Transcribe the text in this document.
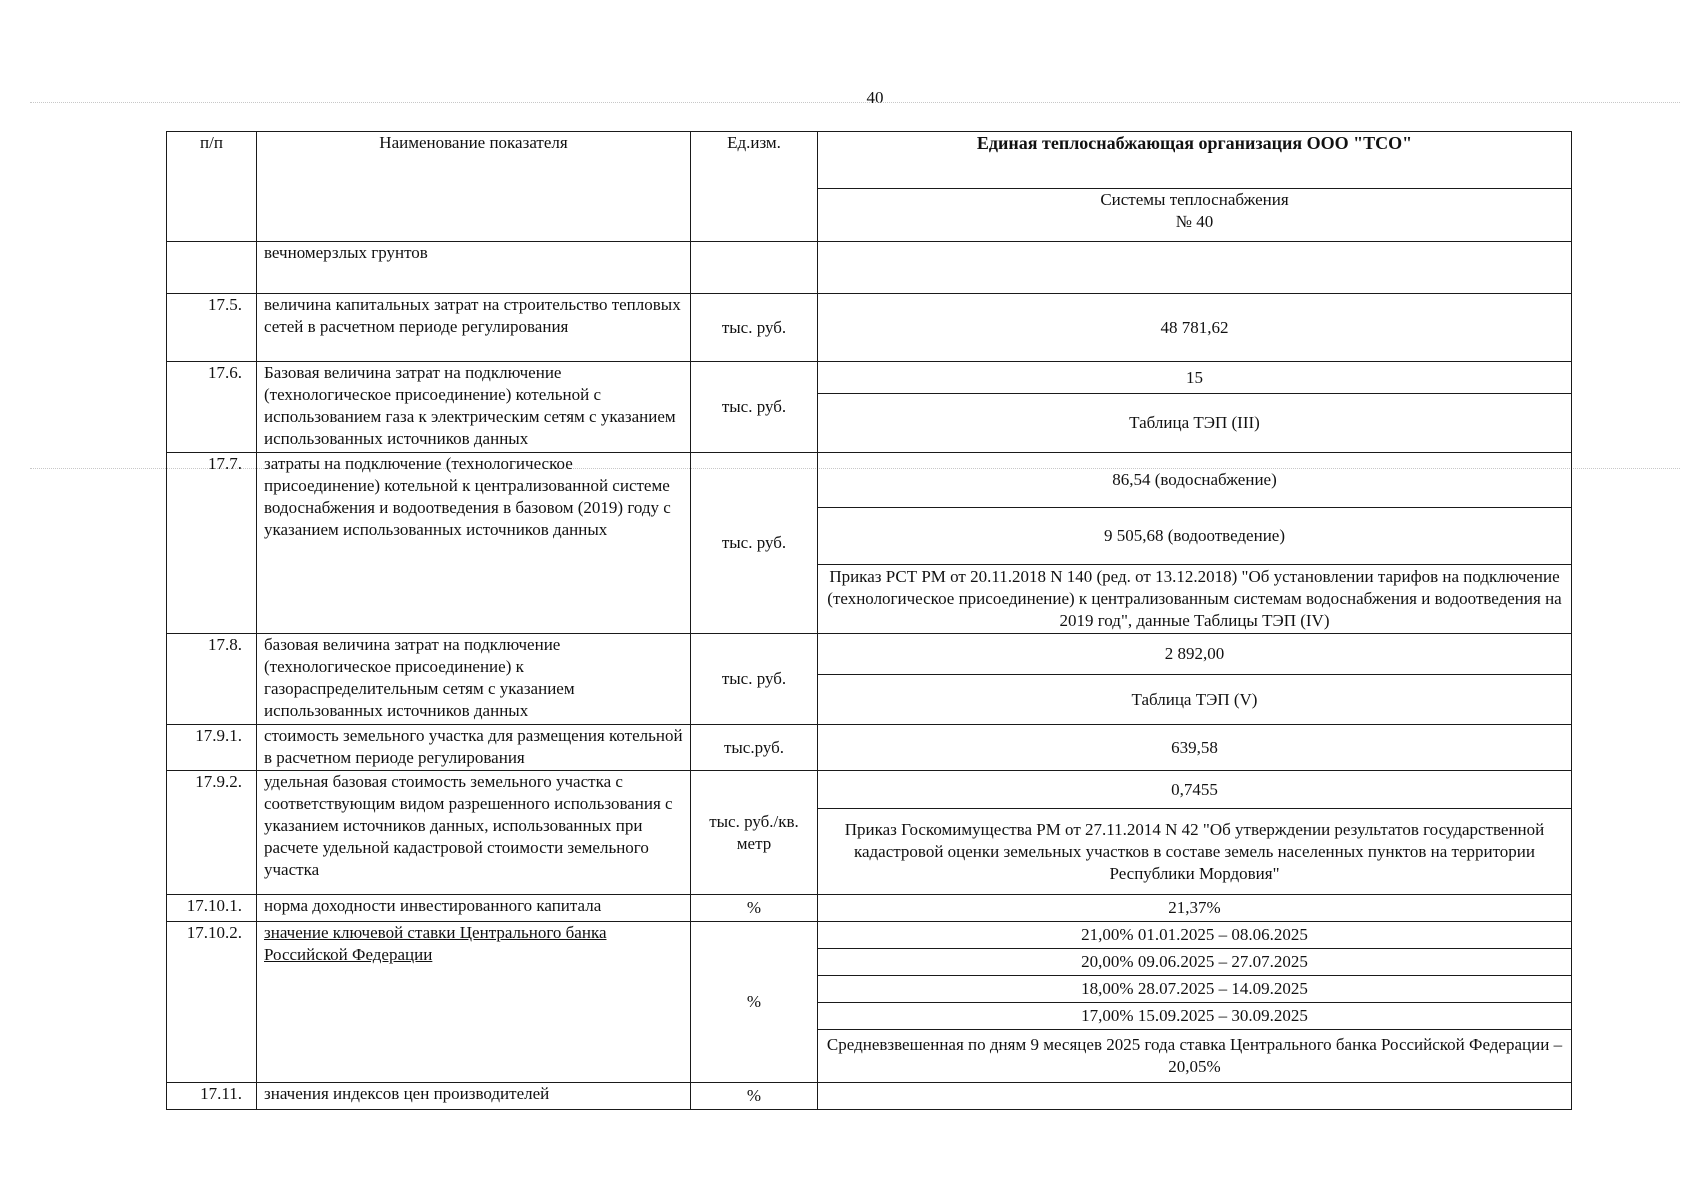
40
п/п	Наименование показателя	Ед.изм.	Единая теплоснабжающая организация ООО "ТСО"
			Системы теплоснабжения
№ 40
	вечномерзлых грунтов		
17.5.	величина капитальных затрат на строительство тепловых сетей в расчетном периоде регулирования	тыс. руб.	48 781,62
17.6.	Базовая величина затрат на подключение (технологическое присоединение) котельной с использованием газа к электрическим сетям с указанием использованных источников данных	тыс. руб.	15
			Таблица ТЭП (III)
17.7.	затраты на подключение (технологическое присоединение) котельной к централизованной системе водоснабжения и водоотведения в базовом (2019) году с указанием использованных источников данных	тыс. руб.	86,54 (водоснабжение)
			9 505,68 (водоотведение)
			Приказ РСТ РМ от 20.11.2018 N 140 (ред. от 13.12.2018) "Об установлении тарифов на подключение (технологическое присоединение) к централизованным системам водоснабжения и водоотведения на 2019 год", данные Таблицы ТЭП (IV)
17.8.	базовая величина затрат на подключение (технологическое присоединение) к газораспределительным сетям с указанием использованных источников данных	тыс. руб.	2 892,00
			Таблица ТЭП (V)
17.9.1.	стоимость земельного участка для размещения котельной в расчетном периоде регулирования	тыс.руб.	639,58
17.9.2.	удельная базовая стоимость земельного участка с соответствующим видом разрешенного использования с указанием источников данных, использованных при расчете удельной кадастровой стоимости земельного участка	тыс. руб./кв. метр	0,7455
			Приказ Госкомимущества РМ от 27.11.2014 N 42 "Об утверждении результатов государственной кадастровой оценки земельных участков в составе земель населенных пунктов на территории Республики Мордовия"
17.10.1.	норма доходности инвестированного капитала	%	21,37%
17.10.2.	значение ключевой ставки Центрального банка Российской Федерации	%	21,00% 01.01.2025 – 08.06.2025
			20,00% 09.06.2025 – 27.07.2025
			18,00% 28.07.2025 – 14.09.2025
			17,00% 15.09.2025 – 30.09.2025
			Средневзвешенная по дням 9 месяцев 2025 года ставка Центрального банка Российской Федерации – 20,05%
17.11.	значения индексов цен производителей	%	
